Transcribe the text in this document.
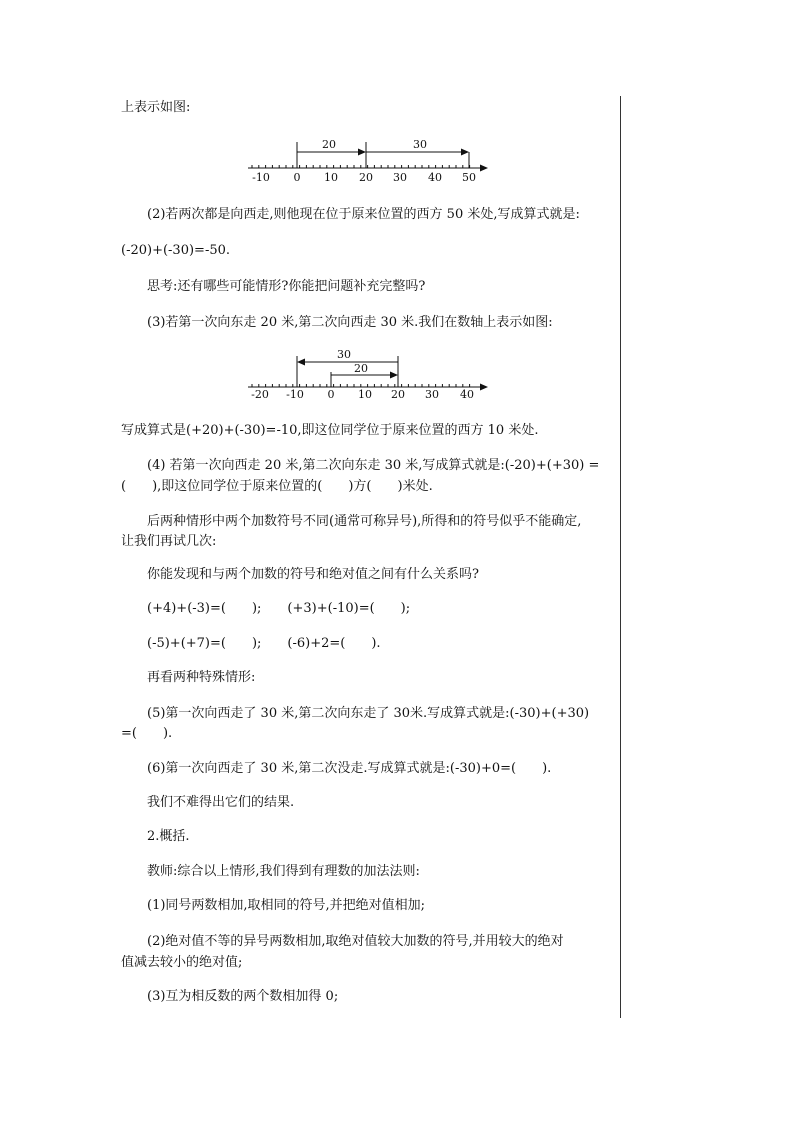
上表示如图:
20	30
-10 0 10 20 30 40 50
(2)若两次都是向西走,则他现在位于原来位置的西方 50 米处,写成算式就是:
(-20)+(-30)=-50.
思考:还有哪些可能情形?你能把问题补充完整吗?
(3)若第一次向东走 20 米,第二次向西走 30 米.我们在数轴上表示如图:
30
20
-20 -10 0 10 20 30 40
写成算式是(+20)+(-30)=-10,即这位同学位于原来位置的西方 10 米处.
(4) 若第一次向西走 20 米,第二次向东走 30 米,写成算式就是:(-20)+(+30) =
(　　),即这位同学位于原来位置的(　　)方(　　)米处.
后两种情形中两个加数符号不同(通常可称异号),所得和的符号似乎不能确定,
让我们再试几次:
你能发现和与两个加数的符号和绝对值之间有什么关系吗?
(+4)+(-3)=(　　);　　(+3)+(-10)=(　　);
(-5)+(+7)=(　　);　　(-6)+2=(　　).
再看两种特殊情形:
(5)第一次向西走了 30 米,第二次向东走了 30米.写成算式就是:(-30)+(+30)
=(　　).
(6)第一次向西走了 30 米,第二次没走.写成算式就是:(-30)+0=(　　).
我们不难得出它们的结果.
2.概括.
教师:综合以上情形,我们得到有理数的加法法则:
(1)同号两数相加,取相同的符号,并把绝对值相加;
(2)绝对值不等的异号两数相加,取绝对值较大加数的符号,并用较大的绝对
值减去较小的绝对值;
(3)互为相反数的两个数相加得 0;
